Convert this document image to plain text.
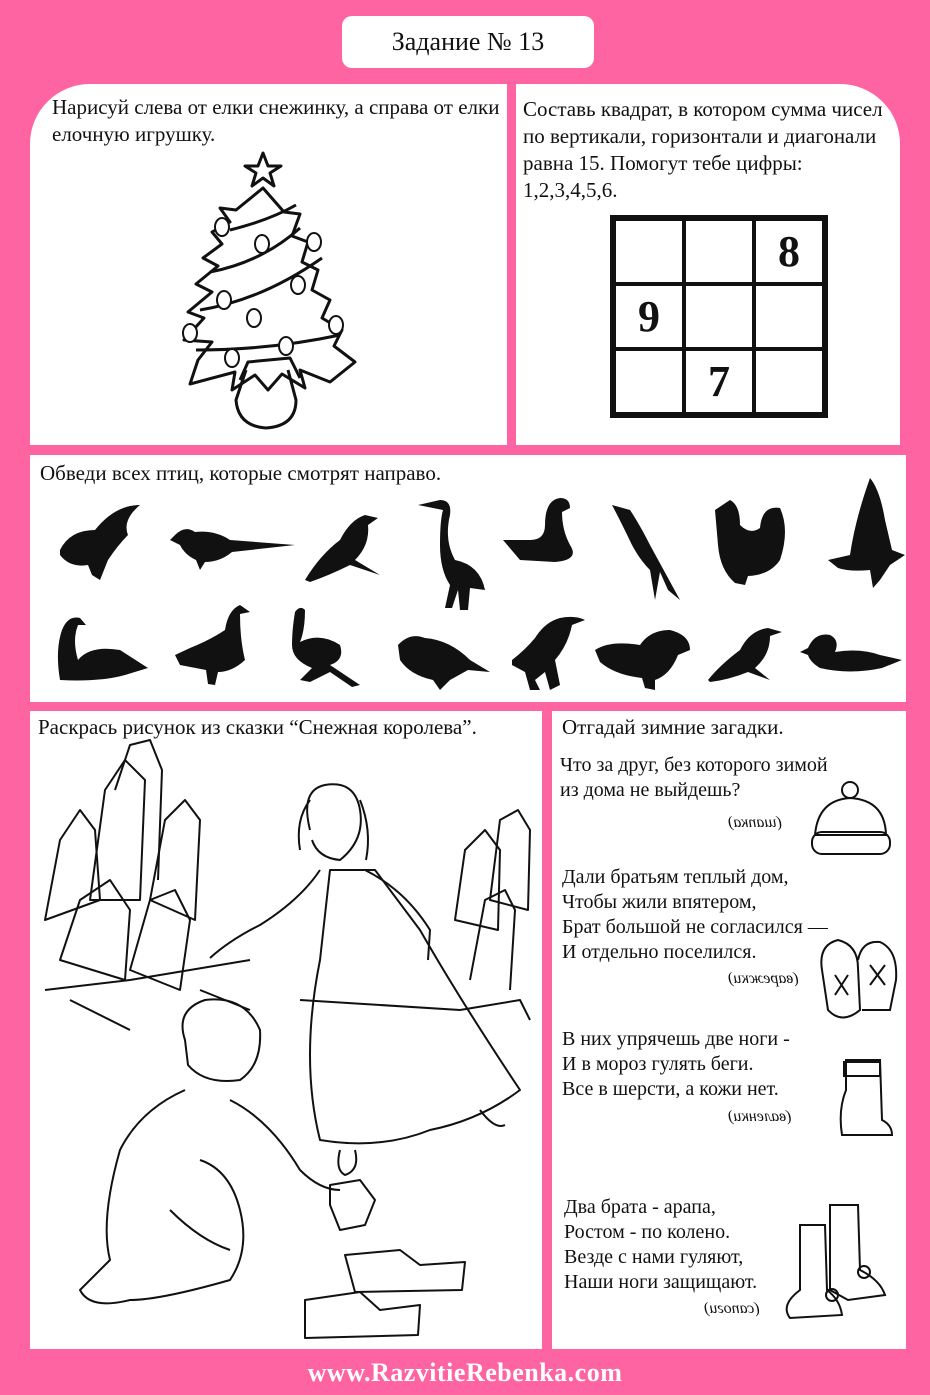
Задание № 13
Нарисуй слева от елки снежинку, а справа от елки елочную игрушку.
Составь квадрат, в котором сумма чисел по вертикали, горизонтали и диагонали равна 15. Помогут тебе цифры: 1,2,3,4,5,6.
Обведи всех птиц, которые смотрят направо.
Раскрась рисунок из сказки “Снежная королева”.	Отгадай зимние загадки.
8
9
7
Что за друг, без которого зимой
из дома не выйдешь?
(шапка)
Дали братьям теплый дом,
Чтобы жили впятером,
Брат большой не согласился —
И отдельно поселился.
(варежки)
В них упрячешь две ноги -
И в мороз гулять беги.
Все в шерсти, а кожи нет.
(валенки)
Два брата - арапа,
Ростом - по колено.
Везде с нами гуляют,
Наши ноги защищают.
(сапоги)
www.RazvitieRebenka.com
